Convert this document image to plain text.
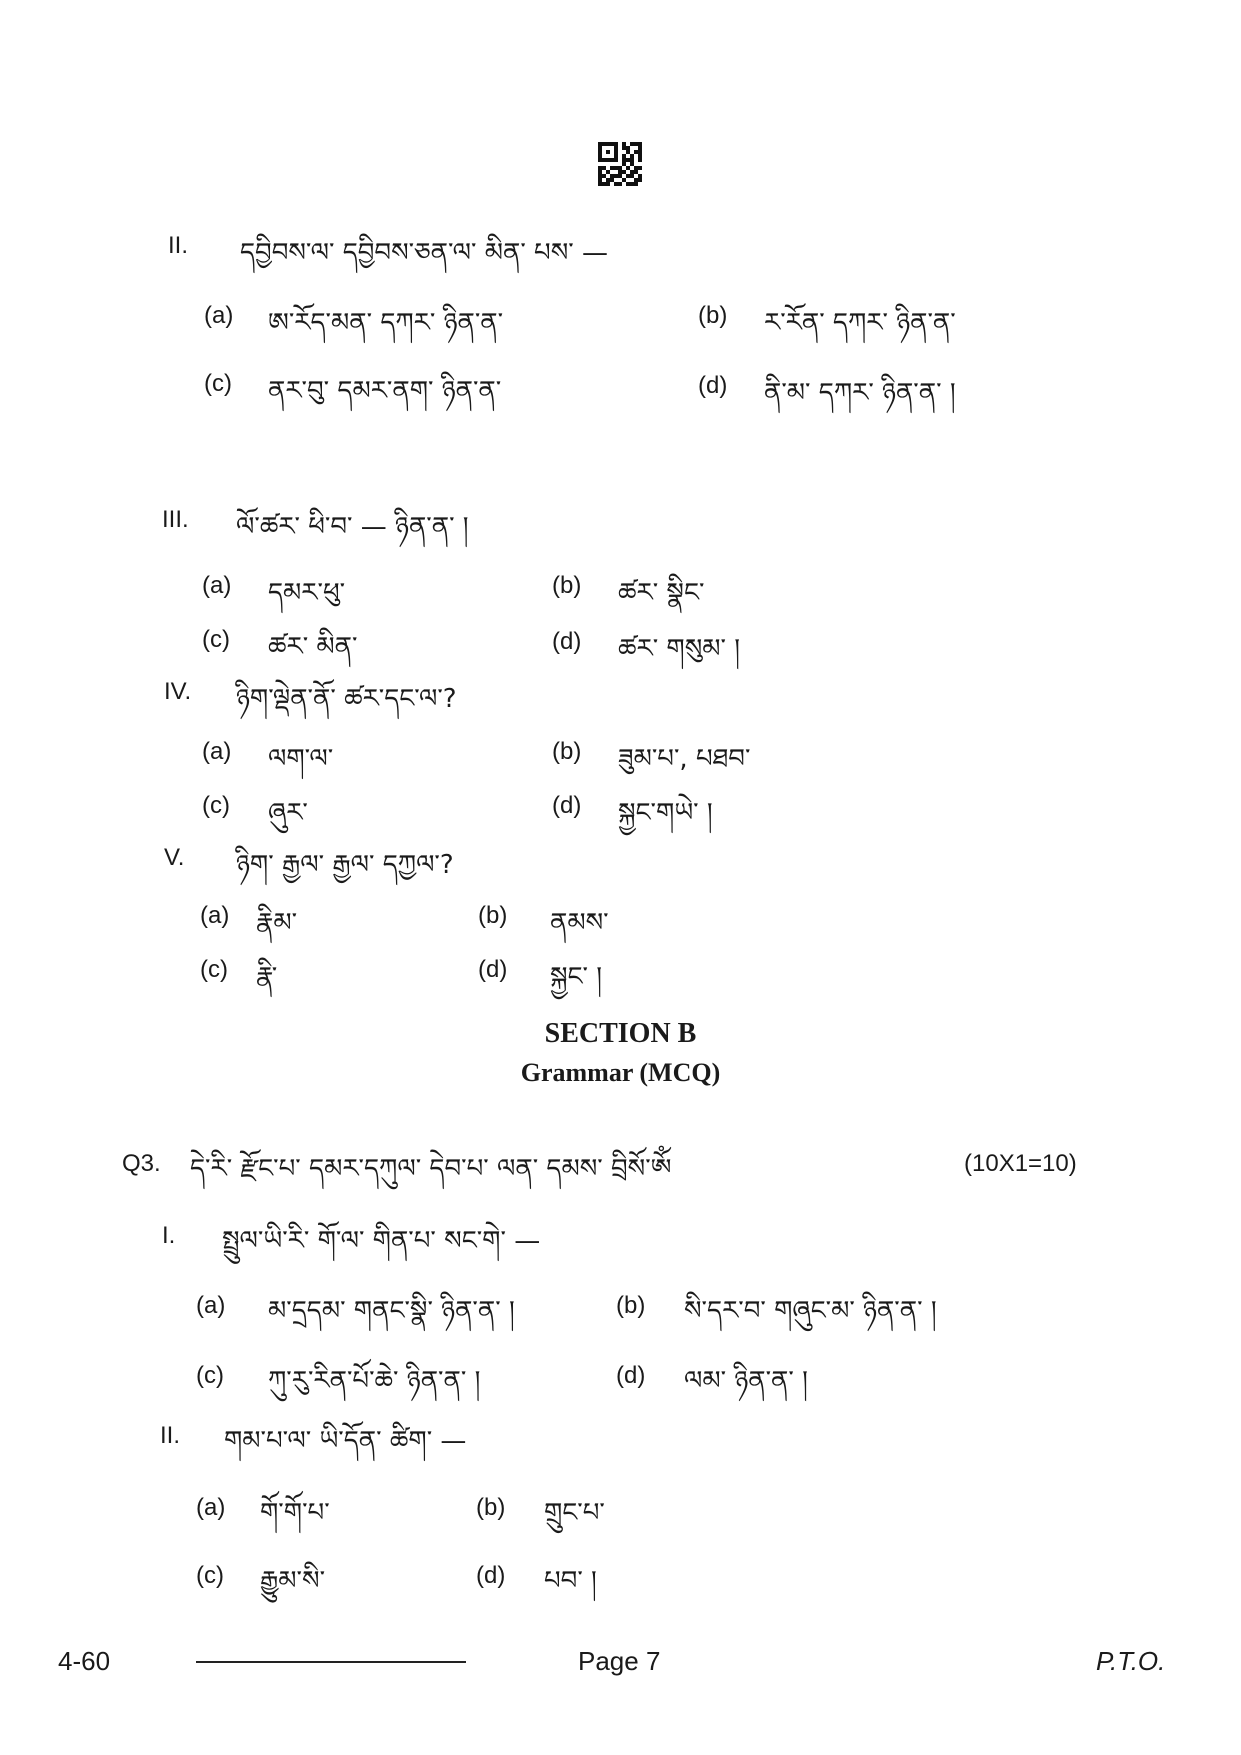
II. དབྱིབས་ལ་ དབྱིབས་ཅན་ལ་ མིན་ པས་ —
(a) ཨ་རོད་མན་ དཀར་ ཉིན་ན་	(b) ར་རོན་ དཀར་ ཉིན་ན་
(c) ནར་བུ་ དམར་ནག་ ཉིན་ན་	(d) ནི་མ་ དཀར་ ཉིན་ན་ །
III. ལོ་ཚར་ ཕི་བ་ — ཉིན་ན་ །
(a) དམར་ཕུ་	(b) ཚར་ སྣིང་
(c) ཚར་ མིན་	(d) ཚར་ གསུམ་ །
IV. ཉིག་ལྡེན་ནོ་ ཚར་དང་ལ་?
(a) ལག་ལ་	(b) ཟུམ་པ་, པཐབ་
(c) ཞུར་	(d) སྐྱང་གཡེ་ །
V. ཉིག་ རྒྱལ་ རྒྱལ་ དཀྱལ་?
(a) རྣིམ་	(b) ནམས་
(c) རྣི་	(d) སྐྱང་ །
SECTION B
Grammar (MCQ)
Q3. དེ་རི་ རྫོང་པ་ དམར་དཀུལ་ དེབ་པ་ ལན་ དམས་ བྲིསོ་ༀ	(10X1=10)
I. སྤྲུལ་ཡི་རི་ གོ་ལ་ གིན་པ་ སང་གེ་ —
(a) མ་དྲདམ་ གནང་སྣི་ ཉིན་ན་ །	(b) སི་དར་བ་ གཞུང་མ་ ཉིན་ན་ །
(c) ཀུ་རུ་རིན་པོ་ཆེ་ ཉིན་ན་ །	(d) ལམ་ ཉིན་ན་ །
II. གམ་པ་ལ་ ཡི་དོན་ ཚིག་ —
(a) གོ་གོ་པ་	(b) གྲུང་པ་
(c) རྒྱུམ་སི་	(d) པབ་ །
4-60	Page 7	P.T.O.
